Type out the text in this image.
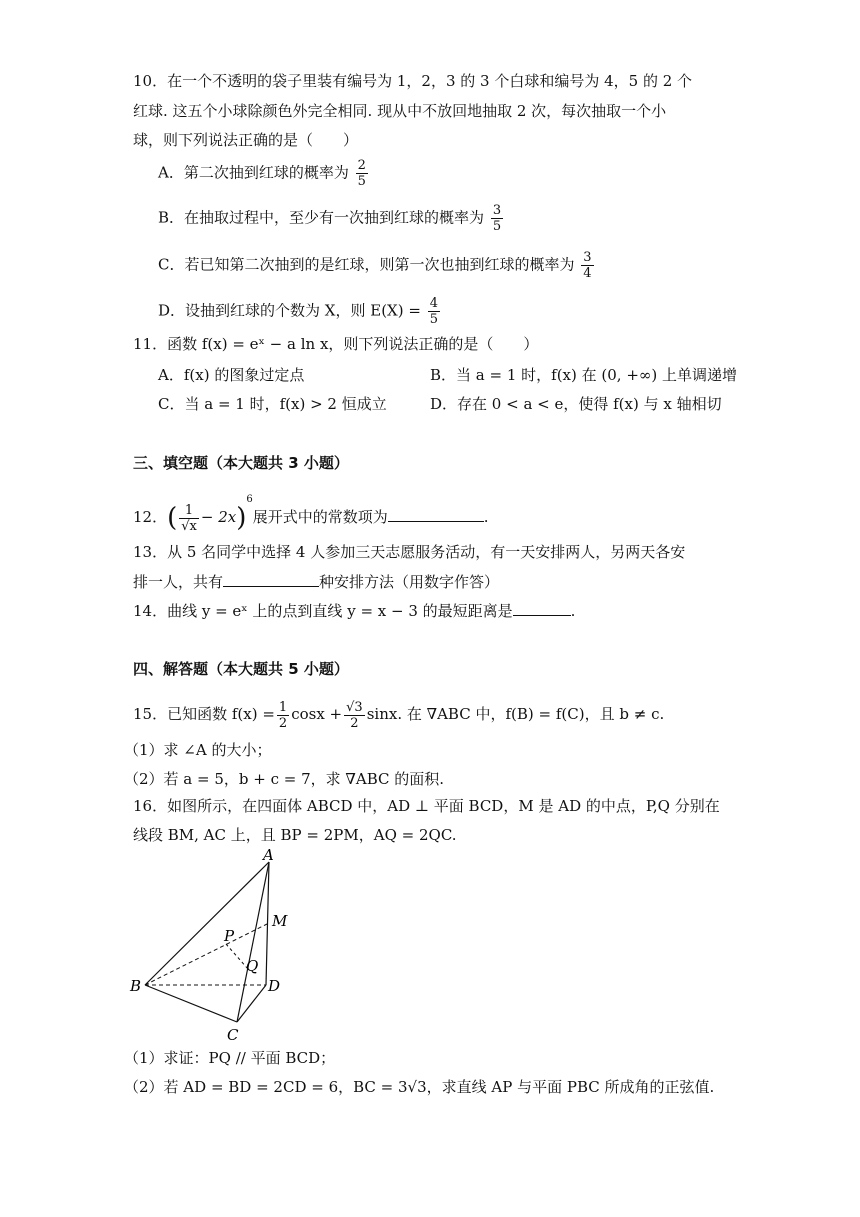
10．在一个不透明的袋子里装有编号为 1，2，3 的 3 个白球和编号为 4，5 的 2 个
红球. 这五个小球除颜色外完全相同. 现从中不放回地抽取 2 次，每次抽取一个小
球，则下列说法正确的是（　　）
A．第二次抽到红球的概率为 $\frac{2}{5}$
B．在抽取过程中，至少有一次抽到红球的概率为 $\frac{3}{5}$
C．若已知第二次抽到的是红球，则第一次也抽到红球的概率为 $\frac{3}{4}$
D．设抽到红球的个数为 X，则 $E(X) = \frac{4}{5}$
11．函数 f(x) = eˣ − a ln x，则下列说法正确的是（　　）
A．f(x) 的图象过定点	B．当 a = 1 时，f(x) 在 (0, +∞) 上单调递增
C．当 a = 1 时，f(x) > 2 恒成立	D．存在 0 < a < e，使得 f(x) 与 x 轴相切
三、填空题（本大题共 3 小题）
12．( $\frac{1}{√x} - 2x)^6$展开式中的常数项为	.
13．从 5 名同学中选择 4 人参加三天志愿服务活动，有一天安排两人，另两天各安
排一人，共有	种安排方法（用数字作答）
14．曲线 y = eˣ 上的点到直线 y = x − 3 的最短距离是	.
四、解答题（本大题共 5 小题）
15．已知函数 $f(x) = \frac{1}{2}$ $\cos x + \frac{√3}{2} \sin x$. 在 ∇ABC 中，f(B) = f(C)，且 b ≠ c.
（1）求 ∠A 的大小；
（2）若 a = 5，b + c = 7，求 ∇ABC 的面积.
16．如图所示，在四面体 ABCD 中，AD ⊥ 平面 BCD，M 是 AD 的中点，P,Q 分别在
线段 BM, AC 上，且 BP = 2PM，AQ = 2QC.
A
B
C
D
M
P
Q
（1）求证：PQ // 平面 BCD；
（2）若 AD = BD = 2CD = 6，BC = 3√3，求直线 AP 与平面 PBC 所成角的正弦值.
